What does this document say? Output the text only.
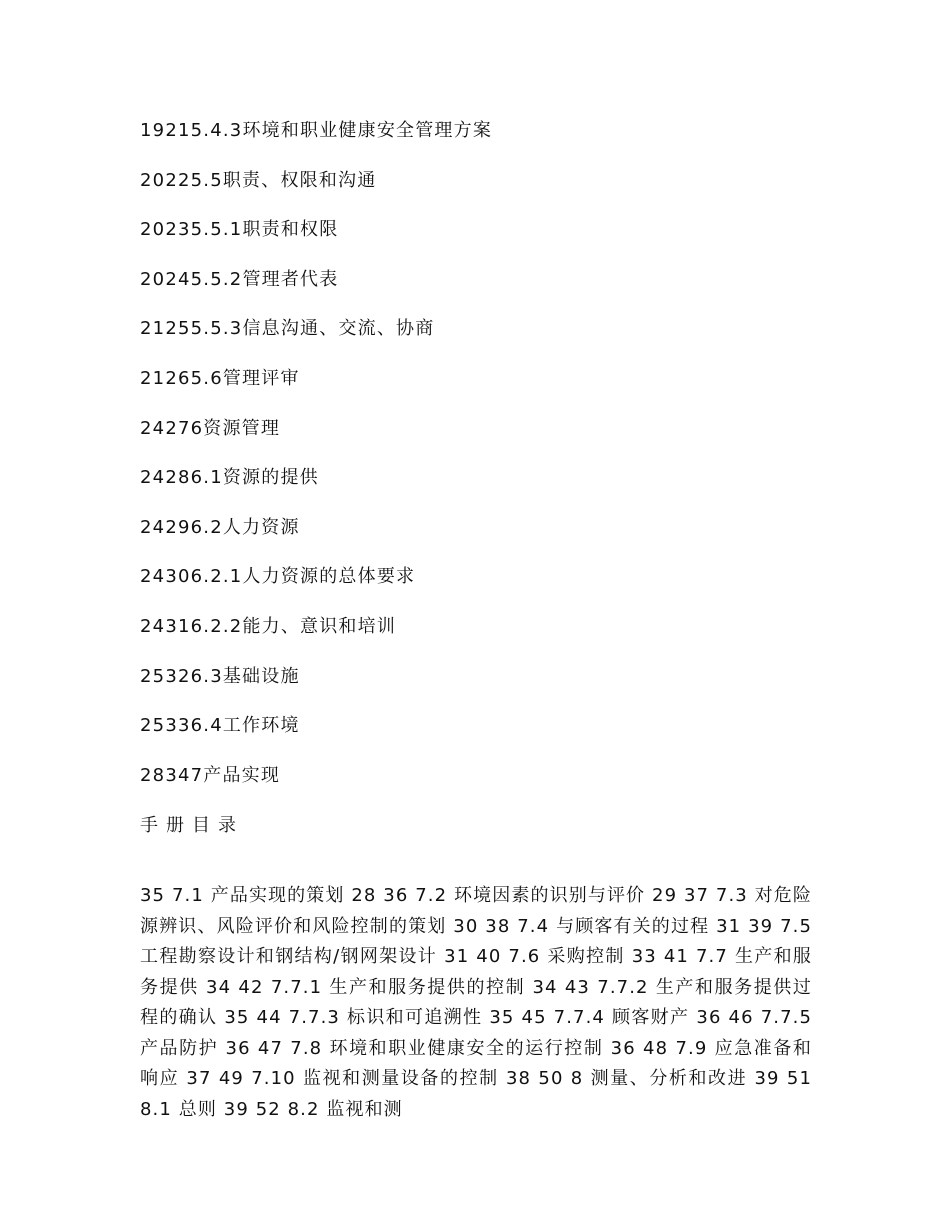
19215.4.3环境和职业健康安全管理方案
20225.5职责、权限和沟通
20235.5.1职责和权限
20245.5.2管理者代表
21255.5.3信息沟通、交流、协商
21265.6管理评审
24276资源管理
24286.1资源的提供
24296.2人力资源
24306.2.1人力资源的总体要求
24316.2.2能力、意识和培训
25326.3基础设施
25336.4工作环境
28347产品实现
手册目录

35 7.1 产品实现的策划 28 36 7.2 环境因素的识别与评价 29 37 7.3 对危险源辨识、风险评价和风险控制的策划 30 38 7.4 与顾客有关的过程 31 39 7.5 工程勘察设计和钢结构/钢网架设计 31 40 7.6 采购控制 33 41 7.7 生产和服务提供 34 42 7.7.1 生产和服务提供的控制 34 43 7.7.2 生产和服务提供过程的确认 35 44 7.7.3 标识和可追溯性 35 45 7.7.4 顾客财产 36 46 7.7.5 产品防护 36 47 7.8 环境和职业健康安全的运行控制 36 48 7.9 应急准备和响应 37 49 7.10 监视和测量设备的控制 38 50 8 测量、分析和改进 39 51 8.1 总则 39 52 8.2 监视和测
